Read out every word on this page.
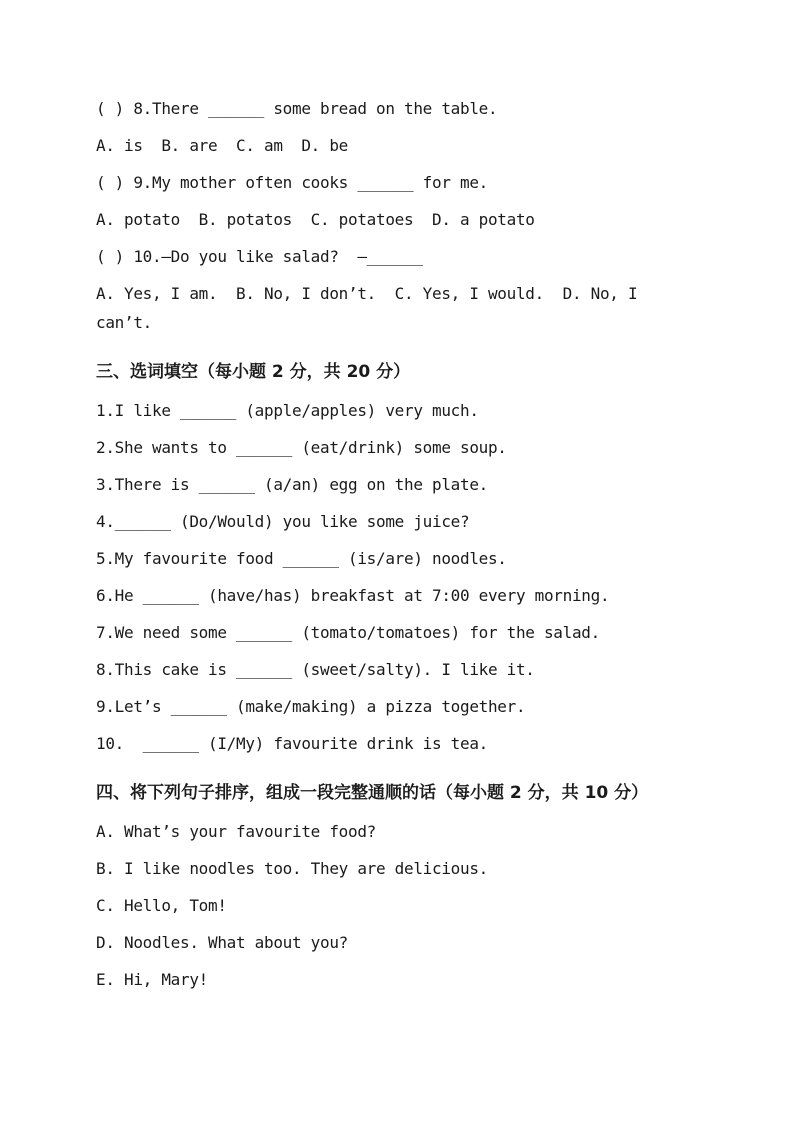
( ) 8.There ______ some bread on the table.
A. is  B. are  C. am  D. be
( ) 9.My mother often cooks ______ for me.
A. potato  B. potatos  C. potatoes  D. a potato
( ) 10.—Do you like salad?  —______
A. Yes, I am.  B. No, I don’t.  C. Yes, I would.  D. No, I
can’t.
三、选词填空（每小题 2 分，共 20 分）
1.I like ______ (apple/apples) very much.
2.She wants to ______ (eat/drink) some soup.
3.There is ______ (a/an) egg on the plate.
4.______ (Do/Would) you like some juice?
5.My favourite food ______ (is/are) noodles.
6.He ______ (have/has) breakfast at 7:00 every morning.
7.We need some ______ (tomato/tomatoes) for the salad.
8.This cake is ______ (sweet/salty). I like it.
9.Let’s ______ (make/making) a pizza together.
10.  ______ (I/My) favourite drink is tea.
四、将下列句子排序，组成一段完整通顺的话（每小题 2 分，共 10 分）
A. What’s your favourite food?
B. I like noodles too. They are delicious.
C. Hello, Tom!
D. Noodles. What about you?
E. Hi, Mary!
